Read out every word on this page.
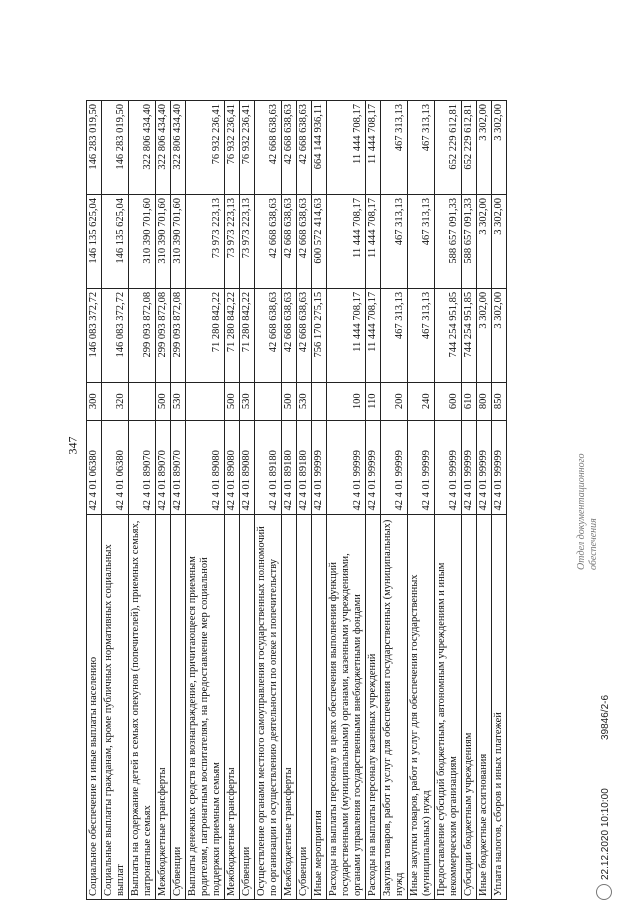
347
Социальное обеспечение и иные выплаты населению	42 4 01 06380	300	146 083 372,72	146 135 625,04	146 283 019,50
Социальные выплаты гражданам, кроме публичных нормативных социальных выплат	42 4 01 06380	320	146 083 372,72	146 135 625,04	146 283 019,50
Выплаты на содержание детей в семьях опекунов (попечителей), приемных семьях, патронатные семьях	42 4 01 89070		299 093 872,08	310 390 701,60	322 806 434,40
Межбюджетные трансферты	42 4 01 89070	500	299 093 872,08	310 390 701,60	322 806 434,40
Субвенции	42 4 01 89070	530	299 093 872,08	310 390 701,60	322 806 434,40
Выплаты денежных средств на вознаграждение, причитающееся приемным родителям, патронатным воспитателям, на предоставление мер социальной поддержки приемным семьям	42 4 01 89080		71 280 842,22	73 973 223,13	76 932 236,41
Межбюджетные трансферты	42 4 01 89080	500	71 280 842,22	73 973 223,13	76 932 236,41
Субвенции	42 4 01 89080	530	71 280 842,22	73 973 223,13	76 932 236,41
Осуществление органами местного самоуправления государственных полномочий по организации и осуществлению деятельности по опеке и попечительству	42 4 01 89180		42 668 638,63	42 668 638,63	42 668 638,63
Межбюджетные трансферты	42 4 01 89180	500	42 668 638,63	42 668 638,63	42 668 638,63
Субвенции	42 4 01 89180	530	42 668 638,63	42 668 638,63	42 668 638,63
Иные мероприятия	42 4 01 99999		756 170 275,15	600 572 414,63	664 144 936,11
Расходы на выплаты персоналу в целях обеспечения выполнения функций государственными (муниципальными) органами, казенными учреждениями, органами управления государственными внебюджетными фондами	42 4 01 99999	100	11 444 708,17	11 444 708,17	11 444 708,17
Расходы на выплаты персоналу казенных учреждений	42 4 01 99999	110	11 444 708,17	11 444 708,17	11 444 708,17
Закупка товаров, работ и услуг для обеспечения государственных (муниципальных) нужд	42 4 01 99999	200	467 313,13	467 313,13	467 313,13
Иные закупки товаров, работ и услуг для обеспечения государственных (муниципальных) нужд	42 4 01 99999	240	467 313,13	467 313,13	467 313,13
Предоставление субсидий бюджетным, автономным учреждениям и иным некоммерческим организациям	42 4 01 99999	600	744 254 951,85	588 657 091,33	652 229 612,81
Субсидии бюджетным учреждениям	42 4 01 99999	610	744 254 951,85	588 657 091,33	652 229 612,81
Иные бюджетные ассигнования	42 4 01 99999	800	3 302,00	3 302,00	3 302,00
Уплата налогов, сборов и иных платежей	42 4 01 99999	850	3 302,00	3 302,00	3 302,00
22.12.2020 10:10:00
39846/2-6
Отдел документационного обеспечения
